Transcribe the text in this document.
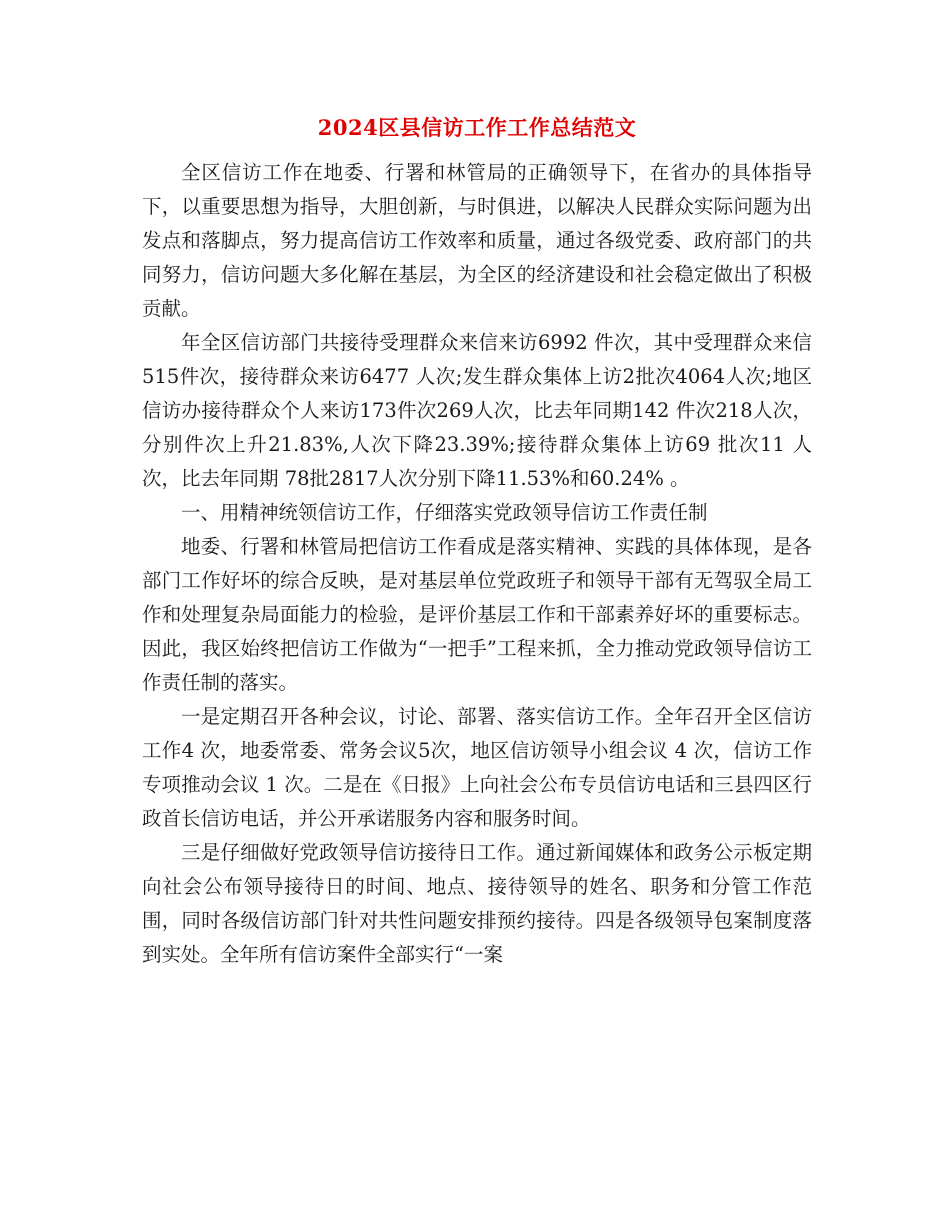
2024区县信访工作工作总结范文

全区信访工作在地委、行署和林管局的正确领导下，在省办的具体指导下，以重要思想为指导，大胆创新，与时俱进，以解决人民群众实际问题为出发点和落脚点，努力提高信访工作效率和质量，通过各级党委、政府部门的共同努力，信访问题大多化解在基层，为全区的经济建设和社会稳定做出了积极贡献。

年全区信访部门共接待受理群众来信来访6992 件次，其中受理群众来信515件次，接待群众来访6477 人次;发生群众集体上访2批次4064人次;地区信访办接待群众个人来访173件次269人次，比去年同期142 件次218人次，分别件次上升21.83%,人次下降23.39%;接待群众集体上访69 批次11 人次，比去年同期 78批2817人次分别下降11.53%和60.24% 。

一、用精神统领信访工作，仔细落实党政领导信访工作责任制

地委、行署和林管局把信访工作看成是落实精神、实践的具体体现，是各部门工作好坏的综合反映，是对基层单位党政班子和领导干部有无驾驭全局工作和处理复杂局面能力的检验，是评价基层工作和干部素养好坏的重要标志。因此，我区始终把信访工作做为“一把手”工程来抓，全力推动党政领导信访工作责任制的落实。

一是定期召开各种会议，讨论、部署、落实信访工作。全年召开全区信访工作4 次，地委常委、常务会议5次，地区信访领导小组会议 4 次，信访工作专项推动会议 1 次。二是在《日报》上向社会公布专员信访电话和三县四区行政首长信访电话，并公开承诺服务内容和服务时间。

三是仔细做好党政领导信访接待日工作。通过新闻媒体和政务公示板定期向社会公布领导接待日的时间、地点、接待领导的姓名、职务和分管工作范围，同时各级信访部门针对共性问题安排预约接待。四是各级领导包案制度落到实处。全年所有信访案件全部实行“一案
